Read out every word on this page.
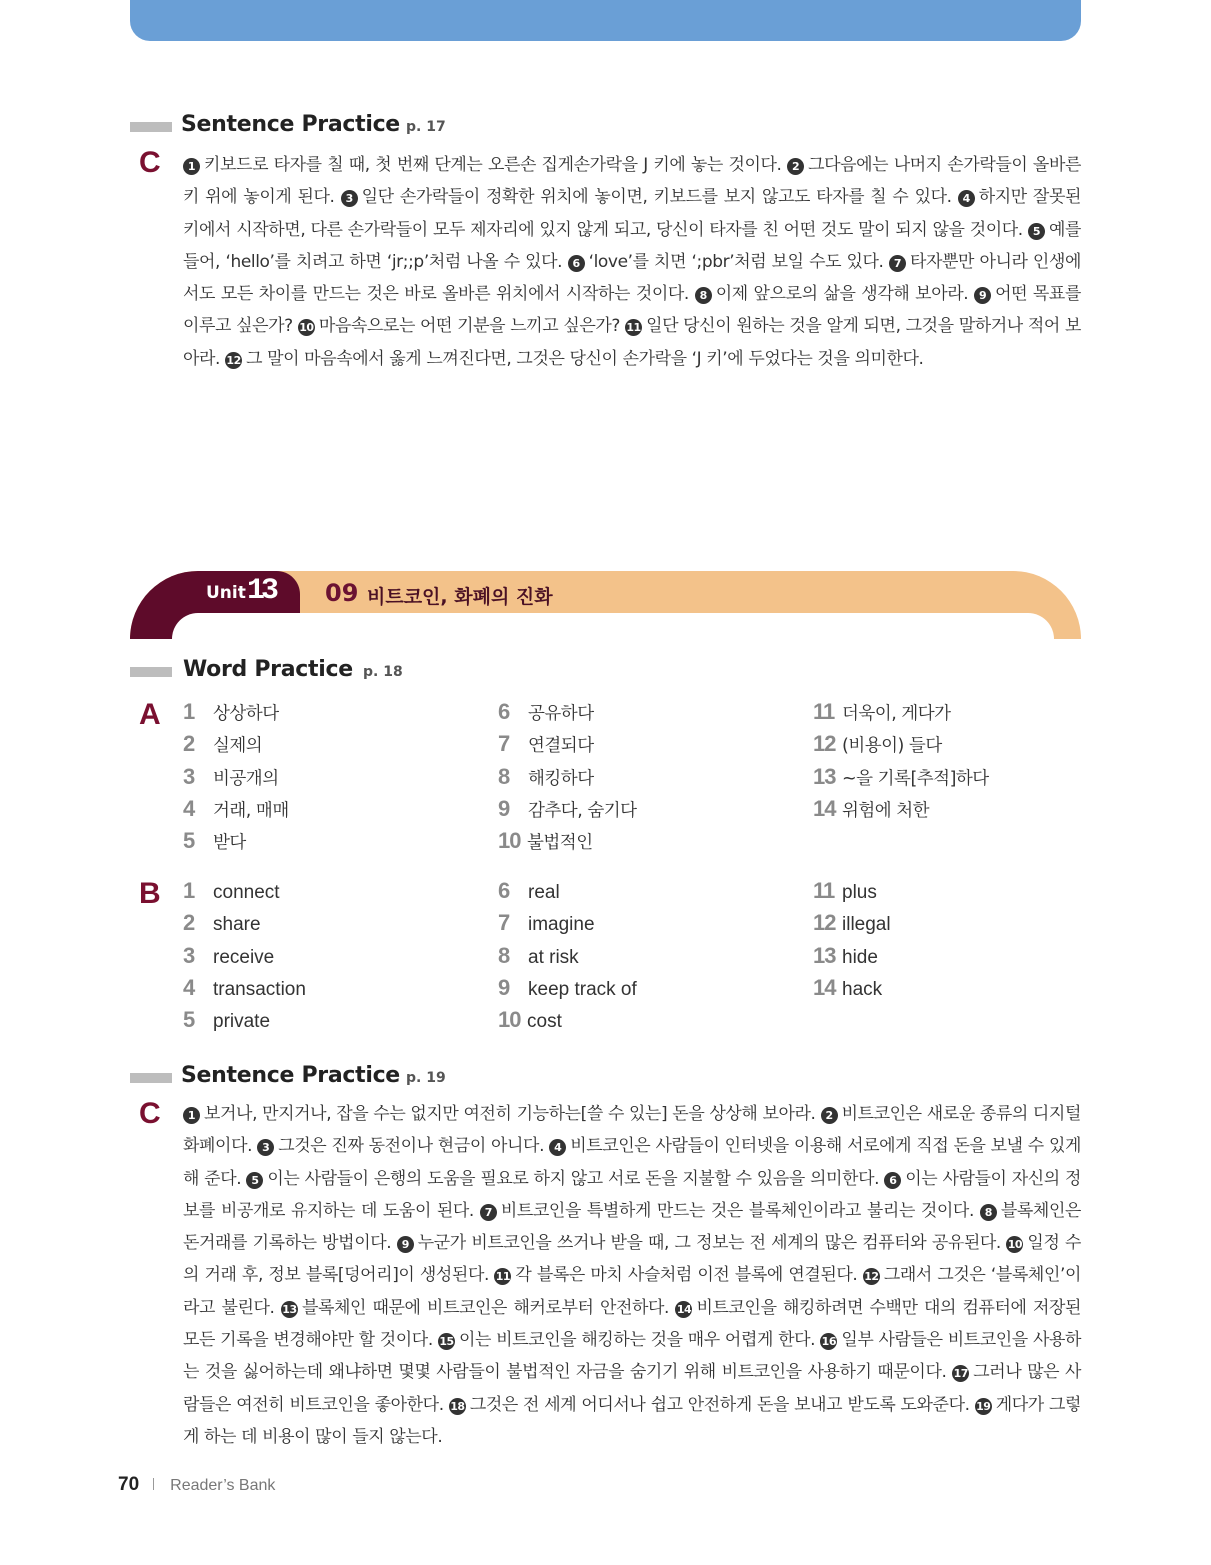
Sentence Practice p. 17
C	1 키보드로 타자를 칠 때, 첫 번째 단계는 오른손 집게손가락을 J 키에 놓는 것이다. 2 그다음에는 나머지 손가락들이 올바른 키 위에 놓이게 된다. 3 일단 손가락들이 정확한 위치에 놓이면, 키보드를 보지 않고도 타자를 칠 수 있다. 4 하지만 잘못된 키에서 시작하면, 다른 손가락들이 모두 제자리에 있지 않게 되고, 당신이 타자를 친 어떤 것도 말이 되지 않을 것이다. 5 예를 들어, ‘hello’를 치려고 하면 ‘jr;;p’처럼 나올 수 있다. 6 ‘love’를 치면 ‘;pbr’처럼 보일 수도 있다. 7 타자뿐만 아니라 인생에서도 모든 차이를 만드는 것은 바로 올바른 위치에서 시작하는 것이다. 8 이제 앞으로의 삶을 생각해 보아라. 9 어떤 목표를 이루고 싶은가? 10 마음속으로는 어떤 기분을 느끼고 싶은가? 11 일단 당신이 원하는 것을 알게 되면, 그것을 말하거나 적어 보아라. 12 그 말이 마음속에서 옳게 느껴진다면, 그것은 당신이 손가락을 ‘J 키’에 두었다는 것을 의미한다.
Unit 13 09 비트코인, 화폐의 진화
Word Practice p. 18
A
B
1 상상하다
2 실제의
3 비공개의
4 거래, 매매
5 받다
6 공유하다
7 연결되다
8 해킹하다
9 감추다, 숨기다
10 불법적인
11 더욱이, 게다가
12 (비용이) 들다
13 ~을 기록[추적]하다
14 위험에 처한
1 connect
2 share
3 receive
4 transaction
5 private
6 real
7 imagine
8 at risk
9 keep track of
10 cost
11 plus
12 illegal
13 hide
14 hack
Sentence Practice p. 19
C	1 보거나, 만지거나, 잡을 수는 없지만 여전히 기능하는[쓸 수 있는] 돈을 상상해 보아라. 2 비트코인은 새로운 종류의 디지털 화폐이다. 3 그것은 진짜 동전이나 현금이 아니다. 4 비트코인은 사람들이 인터넷을 이용해 서로에게 직접 돈을 보낼 수 있게 해 준다. 5 이는 사람들이 은행의 도움을 필요로 하지 않고 서로 돈을 지불할 수 있음을 의미한다. 6 이는 사람들이 자신의 정보를 비공개로 유지하는 데 도움이 된다. 7 비트코인을 특별하게 만드는 것은 블록체인이라고 불리는 것이다. 8 블록체인은 돈거래를 기록하는 방법이다. 9 누군가 비트코인을 쓰거나 받을 때, 그 정보는 전 세계의 많은 컴퓨터와 공유된다. 10 일정 수의 거래 후, 정보 블록[덩어리]이 생성된다. 11 각 블록은 마치 사슬처럼 이전 블록에 연결된다. 12 그래서 그것은 ‘블록체인’이라고 불린다. 13 블록체인 때문에 비트코인은 해커로부터 안전하다. 14 비트코인을 해킹하려면 수백만 대의 컴퓨터에 저장된 모든 기록을 변경해야만 할 것이다. 15 이는 비트코인을 해킹하는 것을 매우 어렵게 한다. 16 일부 사람들은 비트코인을 사용하는 것을 싫어하는데 왜냐하면 몇몇 사람들이 불법적인 자금을 숨기기 위해 비트코인을 사용하기 때문이다. 17 그러나 많은 사람들은 여전히 비트코인을 좋아한다. 18 그것은 전 세계 어디서나 쉽고 안전하게 돈을 보내고 받도록 도와준다. 19 게다가 그렇게 하는 데 비용이 많이 들지 않는다.
70 Reader’s Bank
